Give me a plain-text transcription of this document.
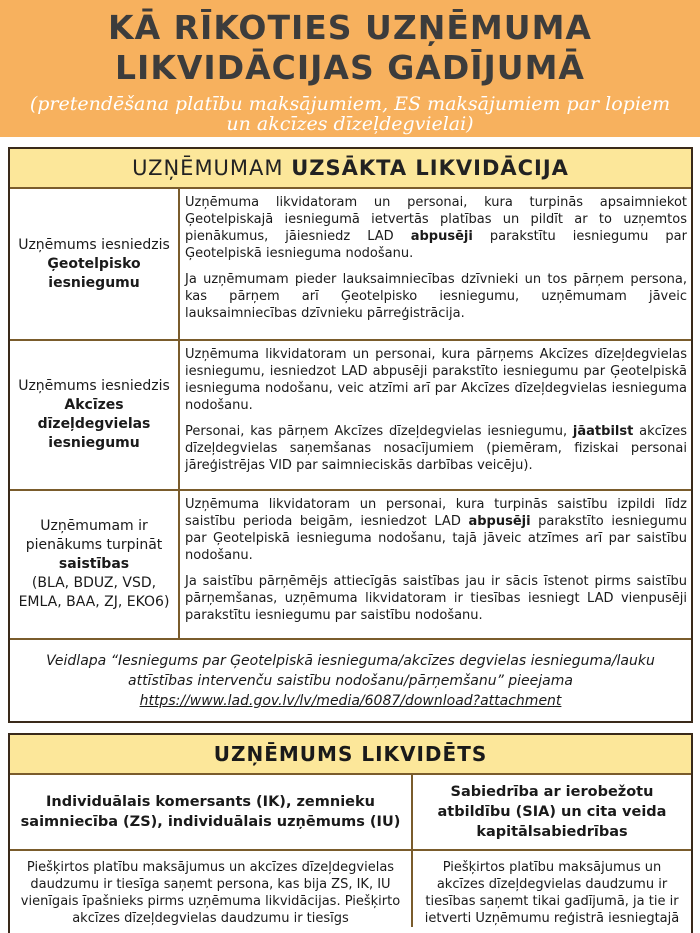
KĀ RĪKOTIES UZŅĒMUMA
LIKVIDĀCIJAS GADĪJUMĀ
(pretendēšana platību maksājumiem, ES maksājumiem par lopiem
un akcīzes dīzeļdegvielai)
UZŅĒMUMAM UZSĀKTA LIKVIDĀCIJA
Uzņēmums iesniedzis
Ģeotelpisko iesniegumu

Uzņēmuma likvidatoram un personai, kura turpinās apsaimniekot Ģeotelpiskajā iesniegumā ietvertās platības un pildīt ar to uzņemtos pienākumus, jāiesniedz LAD abpusēji parakstītu iesniegumu par Ģeotelpiskā iesnieguma nodošanu.

Ja uzņēmumam pieder lauksaimniecības dzīvnieki un tos pārņem persona, kas pārņem arī Ģeotelpisko iesniegumu, uzņēmumam jāveic lauksaimniecības dzīvnieku pārreģistrācija.

Uzņēmums iesniedzis Akcīzes dīzeļdegvielas iesniegumu

Uzņēmuma likvidatoram un personai, kura pārņems Akcīzes dīzeļdegvielas iesniegumu, iesniedzot LAD abpusēji parakstīto iesniegumu par Ģeotelpiskā iesnieguma nodošanu, veic atzīmi arī par Akcīzes dīzeļdegvielas iesnieguma nodošanu.

Personai, kas pārņem Akcīzes dīzeļdegvielas iesniegumu, jāatbilst akcīzes dīzeļdegvielas saņemšanas nosacījumiem (piemēram, fiziskai personai jāreģistrējas VID par saimnieciskās darbības veicēju).

Uzņēmumam ir pienākums turpināt
saistības
(BLA, BDUZ, VSD, EMLA, BAA, ZJ, EKO6)

Uzņēmuma likvidatoram un personai, kura turpinās saistību izpildi līdz saistību perioda beigām, iesniedzot LAD abpusēji parakstīto iesniegumu par Ģeotelpiskā iesnieguma nodošanu, tajā jāveic atzīmes arī par saistību nodošanu.

Ja saistību pārņēmējs attiecīgās saistības jau ir sācis īstenot pirms saistību pārņemšanas, uzņēmuma likvidatoram ir tiesības iesniegt LAD vienpusēji parakstītu iesniegumu par saistību nodošanu.

Veidlapa “Iesniegums par Ģeotelpiskā iesnieguma/akcīzes degvielas iesnieguma/lauku attīstības intervenču saistību nodošanu/pārņemšanu” pieejama
https://www.lad.gov.lv/lv/media/6087/download?attachment
UZŅĒMUMS LIKVIDĒTS
Individuālais komersants (IK), zemnieku saimniecība (ZS), individuālais uzņēmums (IU)
Sabiedrība ar ierobežotu atbildību (SIA) un cita veida kapitālsabiedrības
Piešķirtos platību maksājumus un akcīzes dīzeļdegvielas daudzumu ir tiesīga saņemt persona, kas bija ZS, IK, IU vienīgais īpašnieks pirms uzņēmuma likvidācijas. Piešķirto akcīzes dīzeļdegvielas daudzumu ir tiesīgs
Piešķirtos platību maksājumus un akcīzes dīzeļdegvielas daudzumu ir tiesības saņemt tikai gadījumā, ja tie ir ietverti Uzņēmumu reģistrā iesniegtajā
